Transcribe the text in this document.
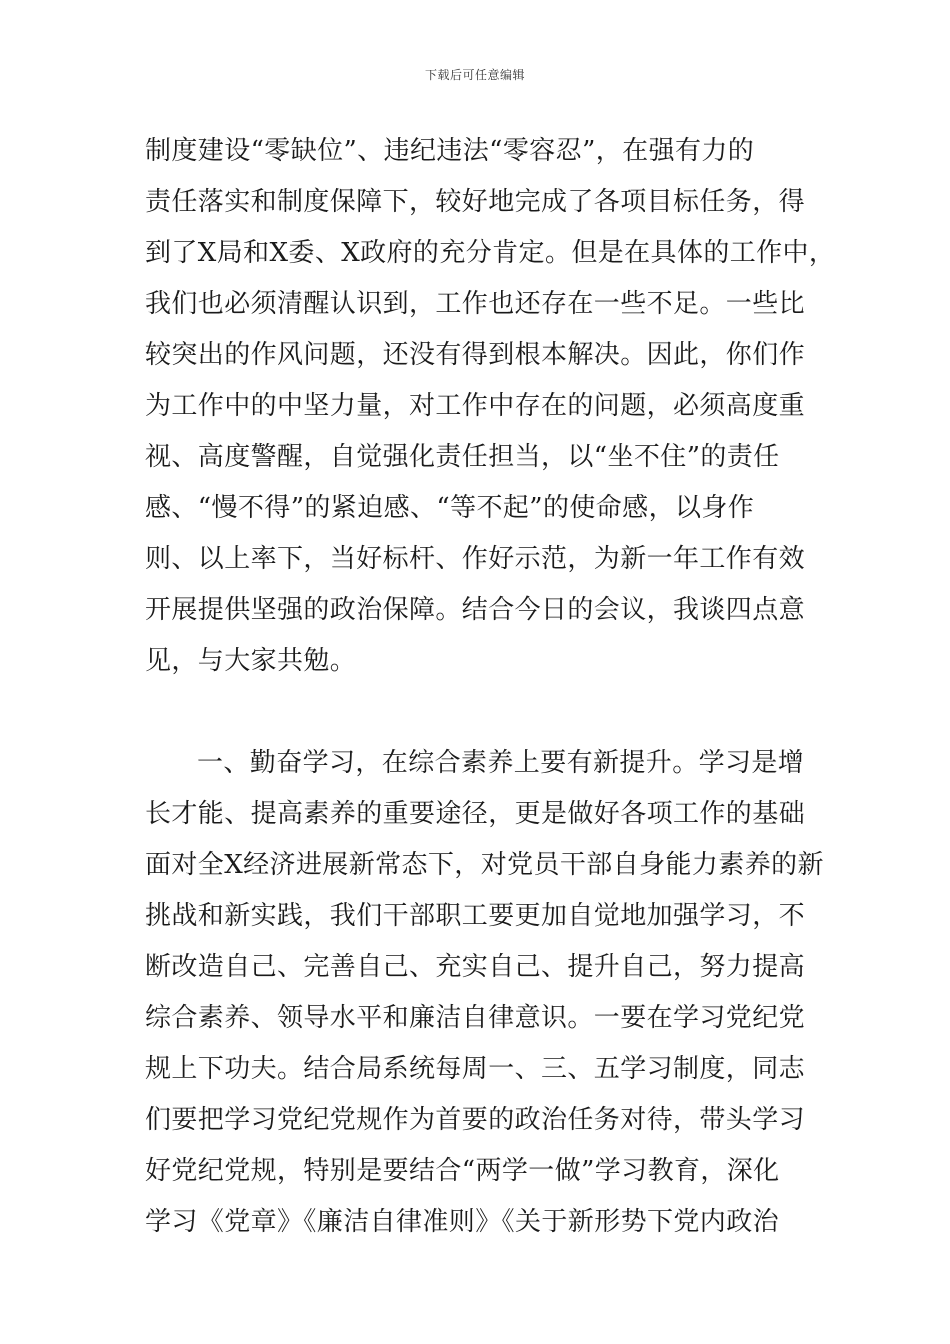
下载后可任意编辑
制度建设“零缺位”、违纪违法“零容忍”，在强有力的
责任落实和制度保障下，较好地完成了各项目标任务，得
到了X局和X委、X政府的充分肯定。但是在具体的工作中，
我们也必须清醒认识到，工作也还存在一些不足。一些比
较突出的作风问题，还没有得到根本解决。因此，你们作
为工作中的中坚力量，对工作中存在的问题，必须高度重
视、高度警醒，自觉强化责任担当，以“坐不住”的责任
感、“慢不得”的紧迫感、“等不起”的使命感，以身作
则、以上率下，当好标杆、作好示范，为新一年工作有效
开展提供坚强的政治保障。结合今日的会议，我谈四点意
见，与大家共勉。
一、勤奋学习，在综合素养上要有新提升。学习是增
长才能、提高素养的重要途径，更是做好各项工作的基础
面对全X经济进展新常态下，对党员干部自身能力素养的新
挑战和新实践，我们干部职工要更加自觉地加强学习，不
断改造自己、完善自己、充实自己、提升自己，努力提高
综合素养、领导水平和廉洁自律意识。一要在学习党纪党
规上下功夫。结合局系统每周一、三、五学习制度，同志
们要把学习党纪党规作为首要的政治任务对待，带头学习
好党纪党规，特别是要结合“两学一做”学习教育，深化
学习《党章》《廉洁自律准则》《关于新形势下党内政治
